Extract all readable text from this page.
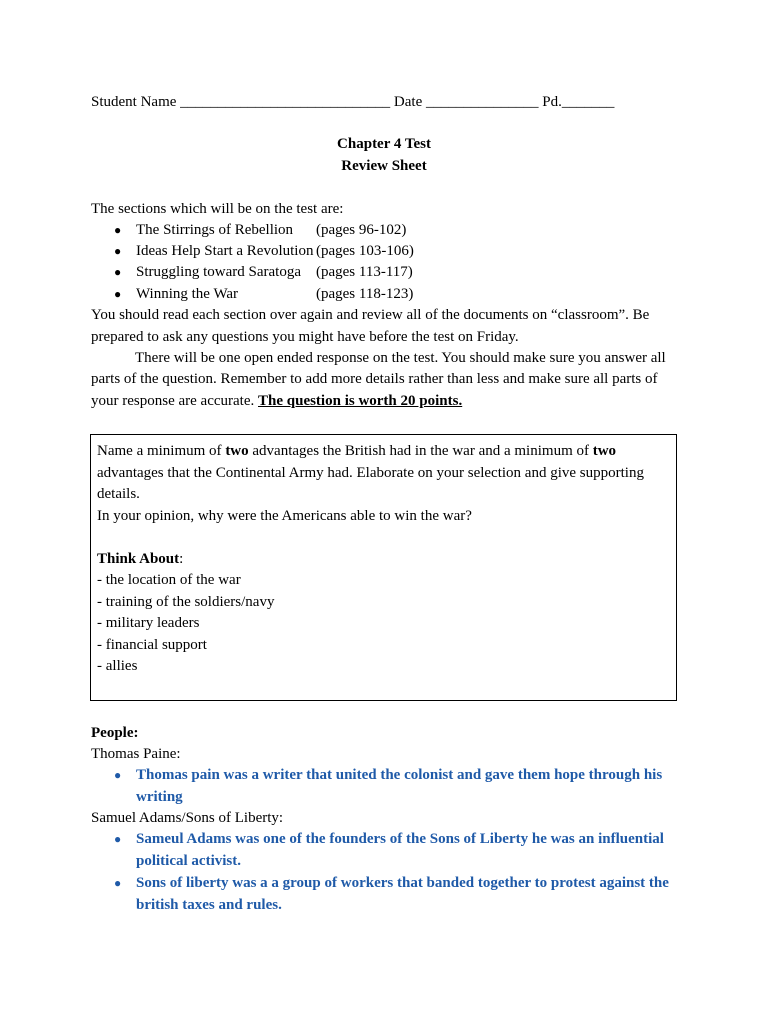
Student Name ____________________________ Date _______________ Pd._______
Chapter 4 Test
Review Sheet
The sections which will be on the test are:
● The Stirrings of Rebellion	(pages 96-102)
● Ideas Help Start a Revolution (pages 103-106)
● Struggling toward Saratoga	(pages 113-117)
● Winning the War	(pages 118-123)
You should read each section over again and review all of the documents on “classroom”. Be
prepared to ask any questions you might have before the test on Friday.
There will be one open ended response on the test. You should make sure you answer all
parts of the question. Remember to add more details rather than less and make sure all parts of
your response are accurate. The question is worth 20 points.

Name a minimum of two advantages the British had in the war and a minimum of two

advantages that the Continental Army had. Elaborate on your selection and give supporting

details.

In your opinion, why were the Americans able to win the war?

Think About:

- the location of the war

- training of the soldiers/navy

- military leaders

- financial support

- allies

People:
Thomas Paine:
● Thomas pain was a writer that united the colonist and gave them hope through his writing
Samuel Adams/Sons of Liberty:
● Sameul Adams was one of the founders of the Sons of Liberty he was an influential political activist.
● Sons of liberty was a a group of workers that banded together to protest against the british taxes and rules.
